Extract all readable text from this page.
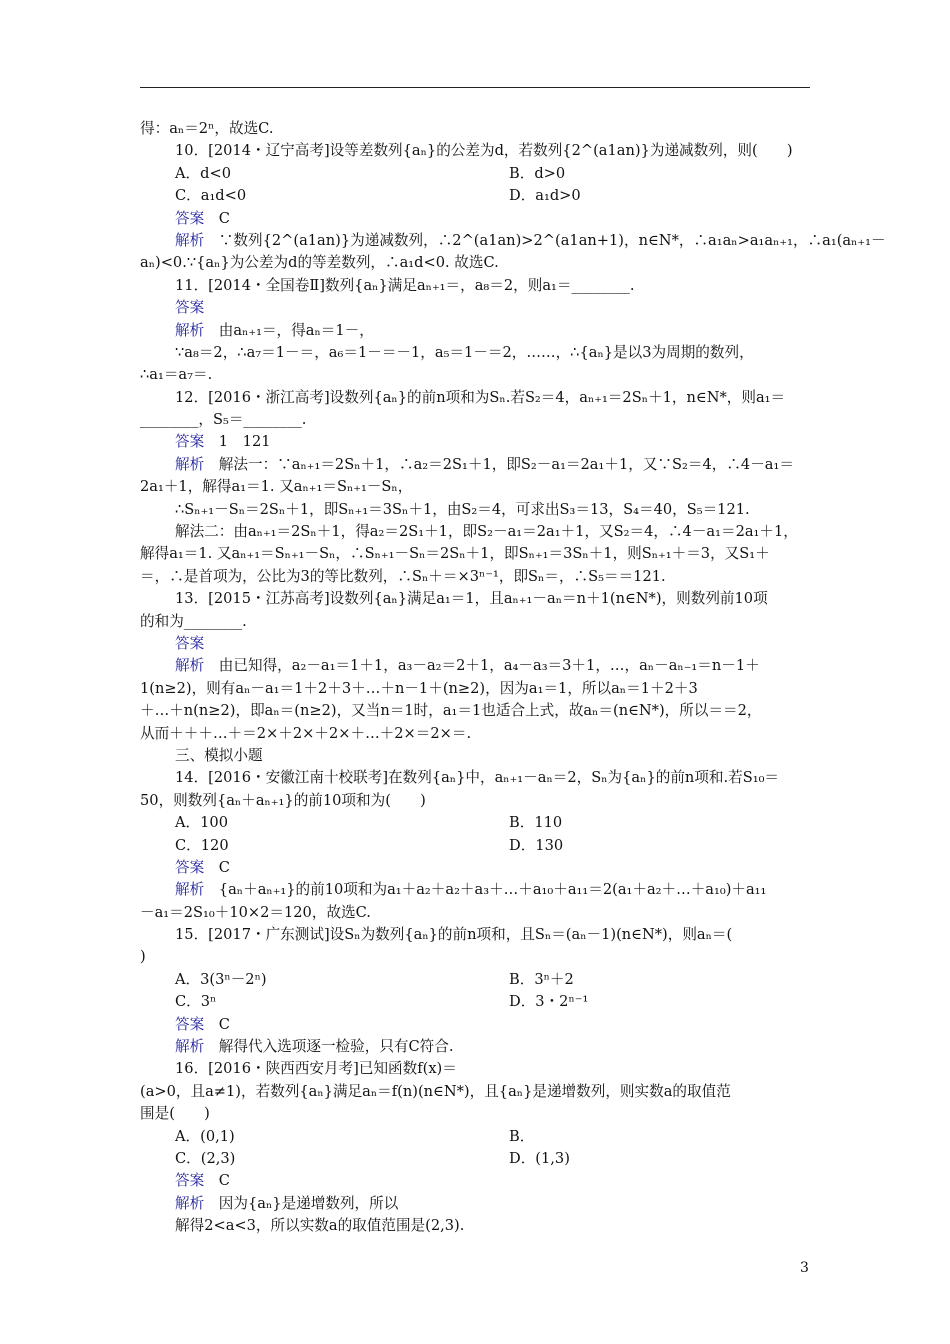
得：aₙ＝2ⁿ，故选C.
10．[2014・辽宁高考]设等差数列{aₙ}的公差为d，若数列{2^(a1an)}为递减数列，则(　　)
A．d<0	B．d>0
C．a₁d<0	D．a₁d>0
答案　C
解析　∵数列{2^(a1an)}为递减数列，∴2^(a1an)>2^(a1an+1)，n∈N*，∴a₁aₙ>a₁aₙ₊₁，∴a₁(aₙ₊₁－
aₙ)<0.∵{aₙ}为公差为d的等差数列，∴a₁d<0. 故选C.
11．[2014・全国卷Ⅱ]数列{aₙ}满足aₙ₊₁＝，a₈＝2，则a₁＝________.
答案
解析　由aₙ₊₁＝，得aₙ＝1－，
∵a₈＝2，∴a₇＝1－＝，a₆＝1－＝－1，a₅＝1－＝2，……，∴{aₙ}是以3为周期的数列，
∴a₁＝a₇＝.
12．[2016・浙江高考]设数列{aₙ}的前n项和为Sₙ.若S₂＝4，aₙ₊₁＝2Sₙ＋1，n∈N*，则a₁＝
________，S₅＝________.
答案　1　121
解析　解法一：∵aₙ₊₁＝2Sₙ＋1，∴a₂＝2S₁＋1，即S₂－a₁＝2a₁＋1，又∵S₂＝4，∴4－a₁＝
2a₁＋1，解得a₁＝1. 又aₙ₊₁＝Sₙ₊₁－Sₙ，
∴Sₙ₊₁－Sₙ＝2Sₙ＋1，即Sₙ₊₁＝3Sₙ＋1，由S₂＝4，可求出S₃＝13，S₄＝40，S₅＝121.
解法二：由aₙ₊₁＝2Sₙ＋1，得a₂＝2S₁＋1，即S₂－a₁＝2a₁＋1，又S₂＝4，∴4－a₁＝2a₁＋1，
解得a₁＝1. 又aₙ₊₁＝Sₙ₊₁－Sₙ，∴Sₙ₊₁－Sₙ＝2Sₙ＋1，即Sₙ₊₁＝3Sₙ＋1，则Sₙ₊₁＋＝3，又S₁＋
＝，∴是首项为，公比为3的等比数列，∴Sₙ＋＝×3ⁿ⁻¹，即Sₙ＝，∴S₅＝＝121.
13．[2015・江苏高考]设数列{aₙ}满足a₁＝1，且aₙ₊₁－aₙ＝n＋1(n∈N*)，则数列前10项
的和为________.
答案
解析　由已知得，a₂－a₁＝1＋1，a₃－a₂＝2＋1，a₄－a₃＝3＋1，…，aₙ－aₙ₋₁＝n－1＋
1(n≥2)，则有aₙ－a₁＝1＋2＋3＋…＋n－1＋(n≥2)，因为a₁＝1，所以aₙ＝1＋2＋3
＋…＋n(n≥2)，即aₙ＝(n≥2)，又当n＝1时，a₁＝1也适合上式，故aₙ＝(n∈N*)，所以＝＝2，
从而＋＋＋…＋＝2×＋2×＋2×＋…＋2×＝2×＝.
三、模拟小题
14．[2016・安徽江南十校联考]在数列{aₙ}中，aₙ₊₁－aₙ＝2，Sₙ为{aₙ}的前n项和.若S₁₀＝
50，则数列{aₙ＋aₙ₊₁}的前10项和为(　　)
A．100	B．110
C．120	D．130
答案　C
解析　{aₙ＋aₙ₊₁}的前10项和为a₁＋a₂＋a₂＋a₃＋…＋a₁₀＋a₁₁＝2(a₁＋a₂＋…＋a₁₀)＋a₁₁
－a₁＝2S₁₀＋10×2＝120，故选C.
15．[2017・广东测试]设Sₙ为数列{aₙ}的前n项和，且Sₙ＝(aₙ－1)(n∈N*)，则aₙ＝(
)
A．3(3ⁿ－2ⁿ)	B．3ⁿ＋2
C．3ⁿ	D．3・2ⁿ⁻¹
答案　C
解析　解得代入选项逐一检验，只有C符合.
16．[2016・陕西西安月考]已知函数f(x)＝
(a>0，且a≠1)，若数列{aₙ}满足aₙ＝f(n)(n∈N*)，且{aₙ}是递增数列，则实数a的取值范
围是(　　)
A．(0,1)	B．
C．(2,3)	D．(1,3)
答案　C
解析　因为{aₙ}是递增数列，所以
解得2<a<3，所以实数a的取值范围是(2,3).
3
